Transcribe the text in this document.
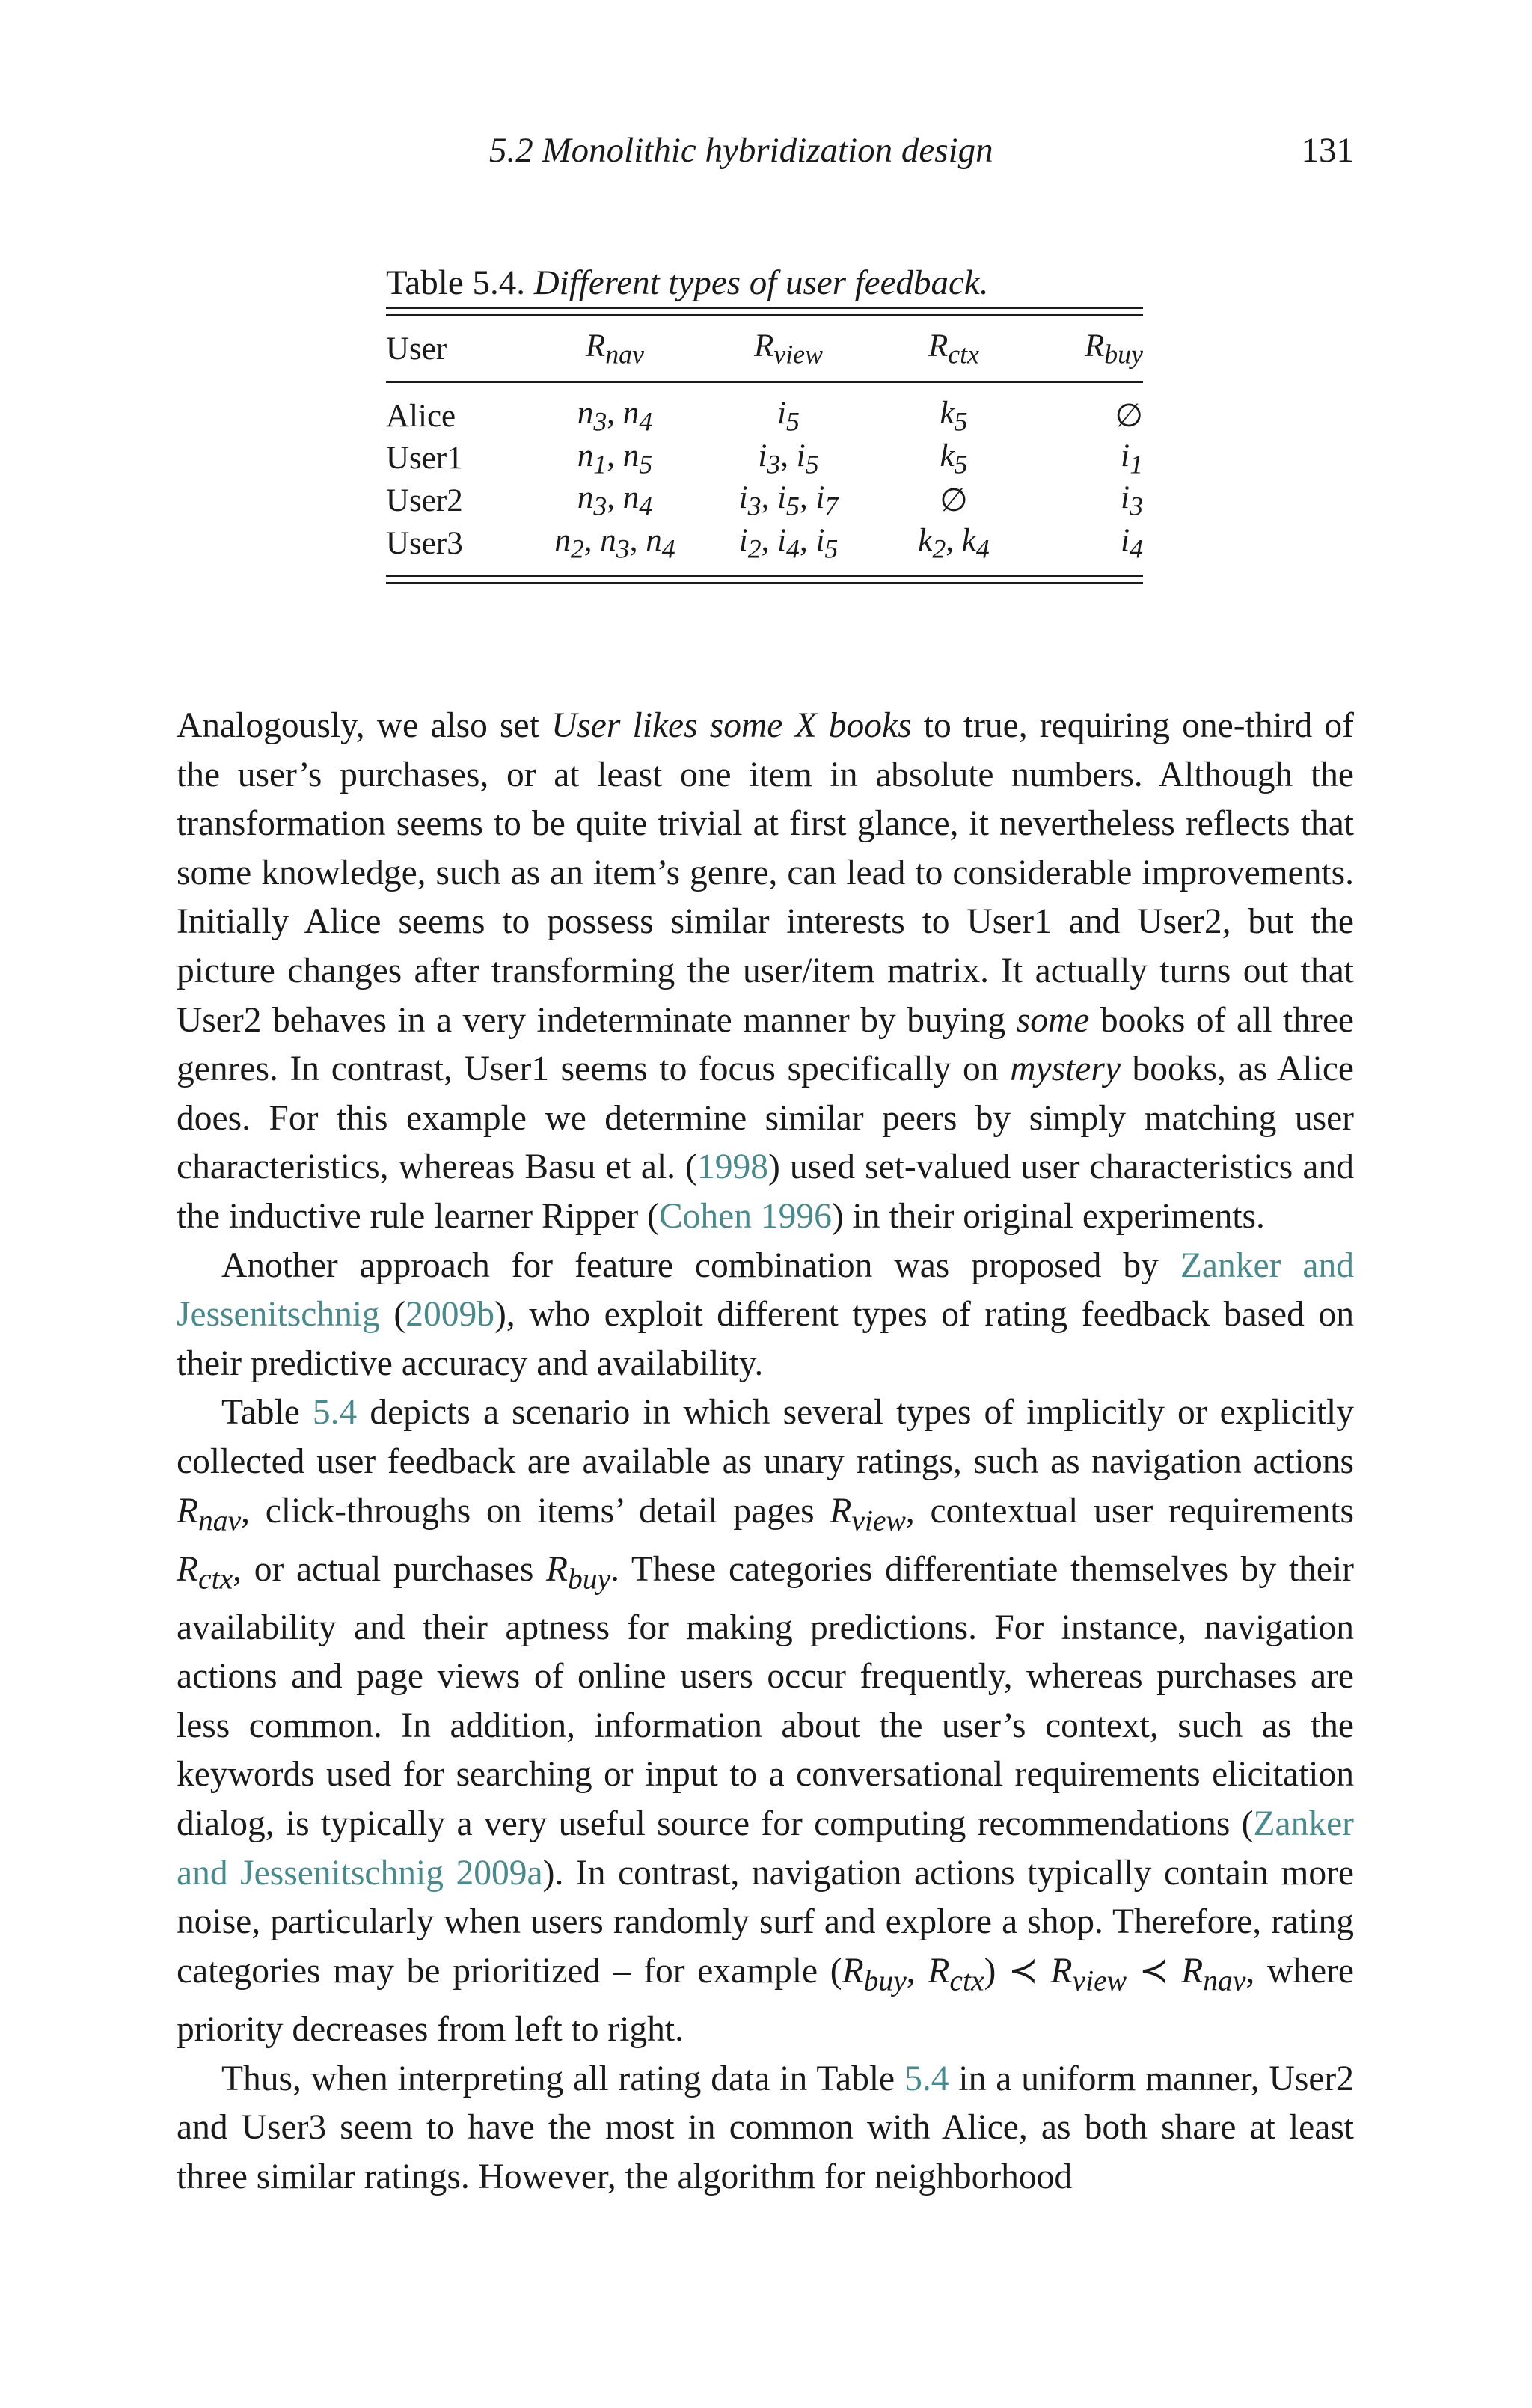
5.2 Monolithic hybridization design	131
Table 5.4. Different types of user feedback.
User	$R_{nav}$	$R_{view}$	$R_{ctx}$	$R_{buy}$

Alice	$n_3$, $n_4$	$i_5$	$k_5$	∅
User1	$n_1$, $n_5$	$i_3$, $i_5$	$k_5$	$i_1$
User2	$n_3$, $n_4$	$i_3$, $i_5$, $i_7$	∅	$i_3$
User3	$n_2$, $n_3$, $n_4$	$i_2$, $i_4$, $i_5$	$k_2$, $k_4$	$i_4$

Analogously, we also set User likes some X books to true, requiring one-third of the user’s purchases, or at least one item in absolute numbers. Although the transformation seems to be quite trivial at first glance, it nevertheless reflects that some knowledge, such as an item’s genre, can lead to considerable improvements. Initially Alice seems to possess similar interests to User1 and User2, but the picture changes after transforming the user/item matrix. It actually turns out that User2 behaves in a very indeterminate manner by buying some books of all three genres. In contrast, User1 seems to focus specifically on mystery books, as Alice does. For this example we determine similar peers by simply matching user characteristics, whereas Basu et al. (1998) used set-valued user characteristics and the inductive rule learner Ripper (Cohen 1996) in their original experiments.

Another approach for feature combination was proposed by Zanker and Jessenitschnig (2009b), who exploit different types of rating feedback based on their predictive accuracy and availability.

Table 5.4 depicts a scenario in which several types of implicitly or explicitly collected user feedback are available as unary ratings, such as navigation actions $R_{nav}$, click-throughs on items’ detail pages $R_{view}$, contextual user requirements $R_{ctx}$, or actual purchases $R_{buy}$. These categories differentiate themselves by their availability and their aptness for making predictions. For instance, navigation actions and page views of online users occur frequently, whereas purchases are less common. In addition, information about the user’s context, such as the keywords used for searching or input to a conversational requirements elicitation dialog, is typically a very useful source for computing recommendations (Zanker and Jessenitschnig 2009a). In contrast, navigation actions typically contain more noise, particularly when users randomly surf and explore a shop. Therefore, rating categories may be prioritized – for example ($R_{buy}$, $R_{ctx}$) ≺ $R_{view}$ ≺ $R_{nav}$, where priority decreases from left to right.

Thus, when interpreting all rating data in Table 5.4 in a uniform manner, User2 and User3 seem to have the most in common with Alice, as both share at least three similar ratings. However, the algorithm for neighborhood
